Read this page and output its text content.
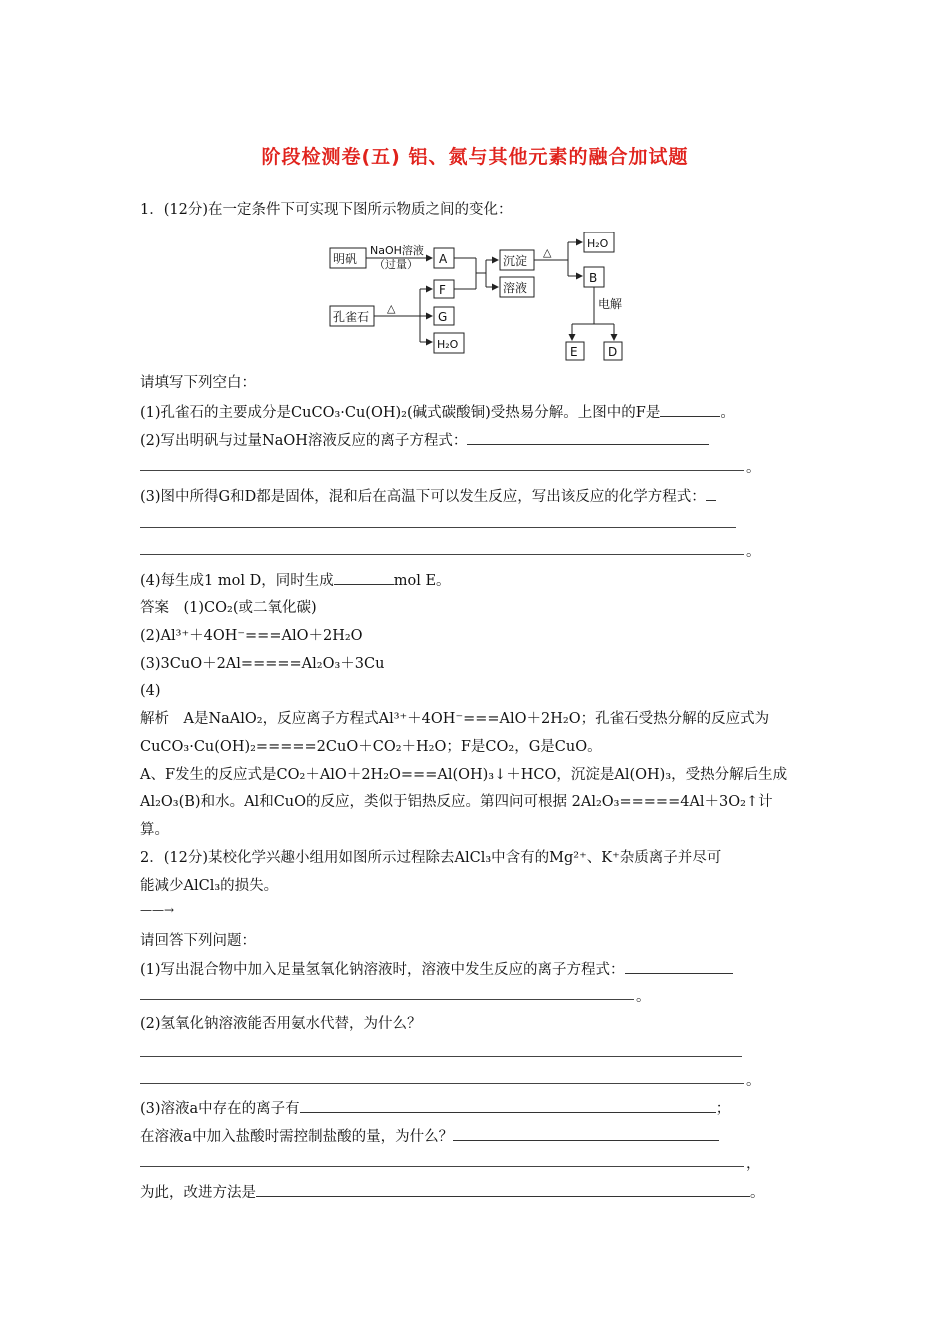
阶段检测卷(五) 铝、氮与其他元素的融合加试题
1．(12分)在一定条件下可实现下图所示物质之间的变化：
明矾
NaOH溶液
（过量） A
F
G
H₂O
沉淀
溶液
△
△
H₂O
B
电解
E	D
孔雀石
请填写下列空白：
(1)孔雀石的主要成分是CuCO₃·Cu(OH)₂(碱式碳酸铜)受热易分解。上图中的F是	。
(2)写出明矾与过量NaOH溶液反应的离子方程式：
。
(3)图中所得G和D都是固体，混和后在高温下可以发生反应，写出该反应的化学方程式：
。
(4)每生成1 mol D，同时生成	mol E。
答案　(1)CO₂(或二氧化碳)
(2)Al³⁺＋4OH⁻===AlO＋2H₂O
(3)3CuO＋2Al=====Al₂O₃＋3Cu
(4)
解析　A是NaAlO₂，反应离子方程式Al³⁺＋4OH⁻===AlO＋2H₂O；孔雀石受热分解的反应式为
CuCO₃·Cu(OH)₂=====2CuO＋CO₂＋H₂O；F是CO₂，G是CuO。
A、F发生的反应式是CO₂＋AlO＋2H₂O===Al(OH)₃↓＋HCO，沉淀是Al(OH)₃，受热分解后生成
Al₂O₃(B)和水。Al和CuO的反应，类似于铝热反应。第四问可根据 2Al₂O₃=====4Al＋3O₂↑计
算。
2．(12分)某校化学兴趣小组用如图所示过程除去AlCl₃中含有的Mg²⁺、K⁺杂质离子并尽可
能减少AlCl₃的损失。
——→
请回答下列问题：
(1)写出混合物中加入足量氢氧化钠溶液时，溶液中发生反应的离子方程式：
。
(2)氢氧化钠溶液能否用氨水代替，为什么？
。
(3)溶液a中存在的离子有	；
在溶液a中加入盐酸时需控制盐酸的量，为什么？
，
为此，改进方法是	。
